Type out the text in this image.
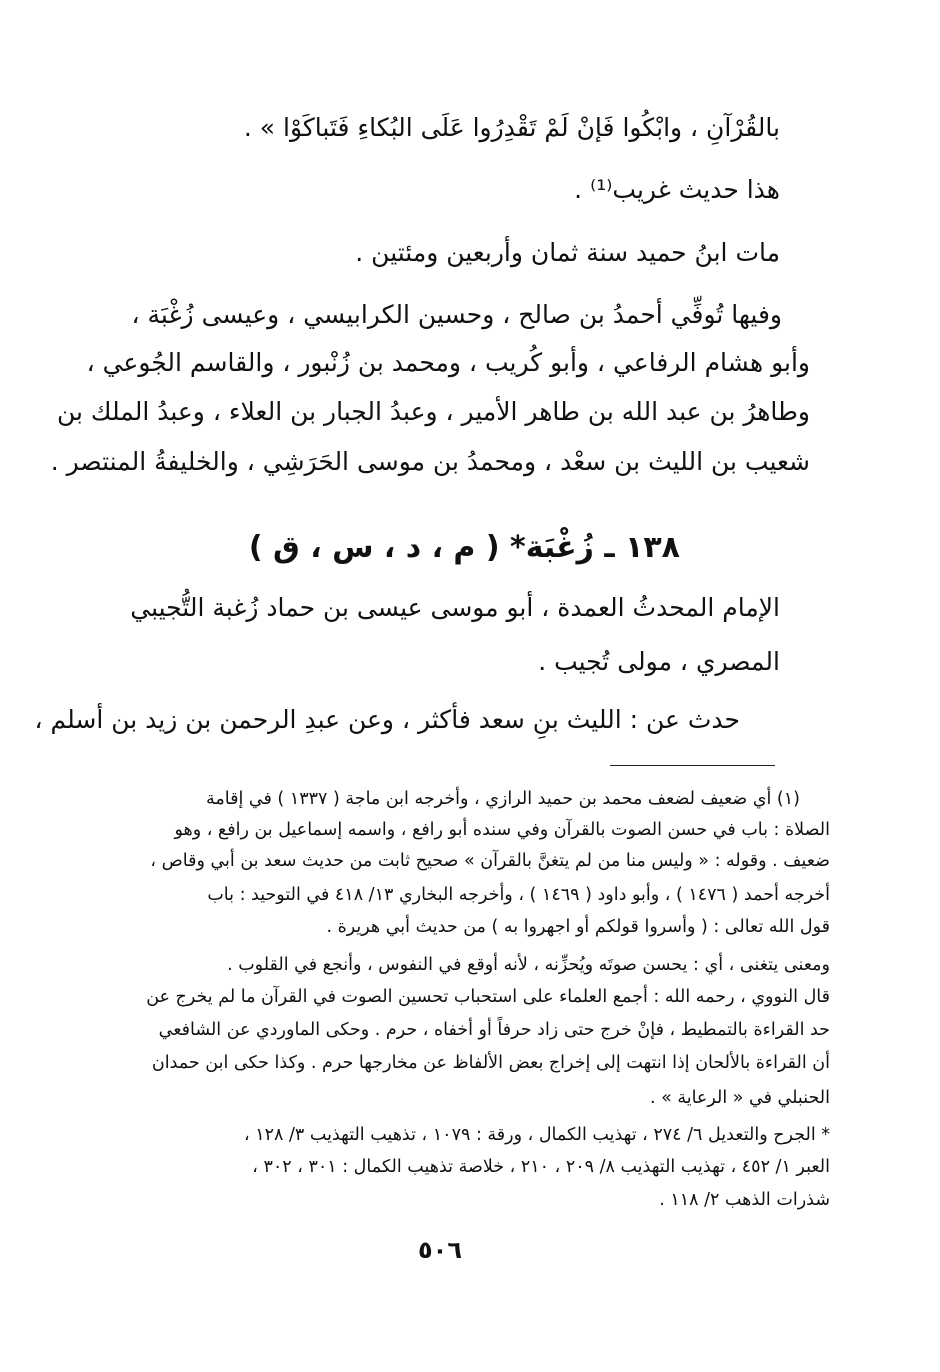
بالقُرْآنِ ، وابْكُوا فَإنْ لَمْ تَقْدِرُوا عَلَى البُكاءِ فَتَباكَوْا » .
هذا حديث غريب⁽¹⁾ .
مات ابنُ حميد سنة ثمان وأربعين ومئتين .
وفيها تُوفِّي أحمدُ بن صالح ، وحسين الكرابيسي ، وعيسى زُغْبَة ،
وأبو هشام الرفاعي ، وأبو كُريب ، ومحمد بن زُنْبور ، والقاسم الجُوعي ،
وطاهرُ بن عبد الله بن طاهر الأمير ، وعبدُ الجبار بن العلاء ، وعبدُ الملك بن
شعيب بن الليث بن سعْد ، ومحمدُ بن موسى الحَرَشِي ، والخليفةُ المنتصر .
١٣٨ ـ زُغْبَة* ( م ، د ، س ، ق )
الإمام المحدثُ العمدة ، أبو موسى عيسى بن حماد زُغبة التُّجيبي
المصري ، مولى تُجيب .
حدث عن : الليث بنِ سعد فأكثر ، وعن عبدِ الرحمن بن زيد بن أسلم ،
(١) أي ضعيف لضعف محمد بن حميد الرازي ، وأخرجه ابن ماجة ( ١٣٣٧ ) في إقامة
الصلاة : باب في حسن الصوت بالقرآن وفي سنده أبو رافع ، واسمه إسماعيل بن رافع ، وهو
ضعيف . وقوله : « وليس منا من لم يتغنَّ بالقرآن » صحيح ثابت من حديث سعد بن أبي وقاص ،
أخرجه أحمد ( ١٤٧٦ ) ، وأبو داود ( ١٤٦٩ ) ، وأخرجه البخاري ١٣/ ٤١٨ في التوحيد : باب
قول الله تعالى : ( وأسروا قولكم أو اجهروا به ) من حديث أبي هريرة .
ومعنى يتغنى ، أي : يحسن صوتَه ويُحزِّنه ، لأنه أوقع في النفوس ، وأنجع في القلوب .
قال النووي ، رحمه الله : أجمع العلماء على استحباب تحسين الصوت في القرآن ما لم يخرج عن
حد القراءة بالتمطيط ، فإنْ خرج حتى زاد حرفاً أو أخفاه ، حرم . وحكى الماوردي عن الشافعي
أن القراءة بالألحان إذا انتهت إلى إخراج بعض الألفاظ عن مخارجها حرم . وكذا حكى ابن حمدان
الحنبلي في « الرعاية » .
* الجرح والتعديل ٦/ ٢٧٤ ، تهذيب الكمال ، ورقة : ١٠٧٩ ، تذهيب التهذيب ٣/ ١٢٨ ،
العبر ١/ ٤٥٢ ، تهذيب التهذيب ٨/ ٢٠٩ ، ٢١٠ ، خلاصة تذهيب الكمال : ٣٠١ ، ٣٠٢ ،
شذرات الذهب ٢/ ١١٨ .
٥٠٦
